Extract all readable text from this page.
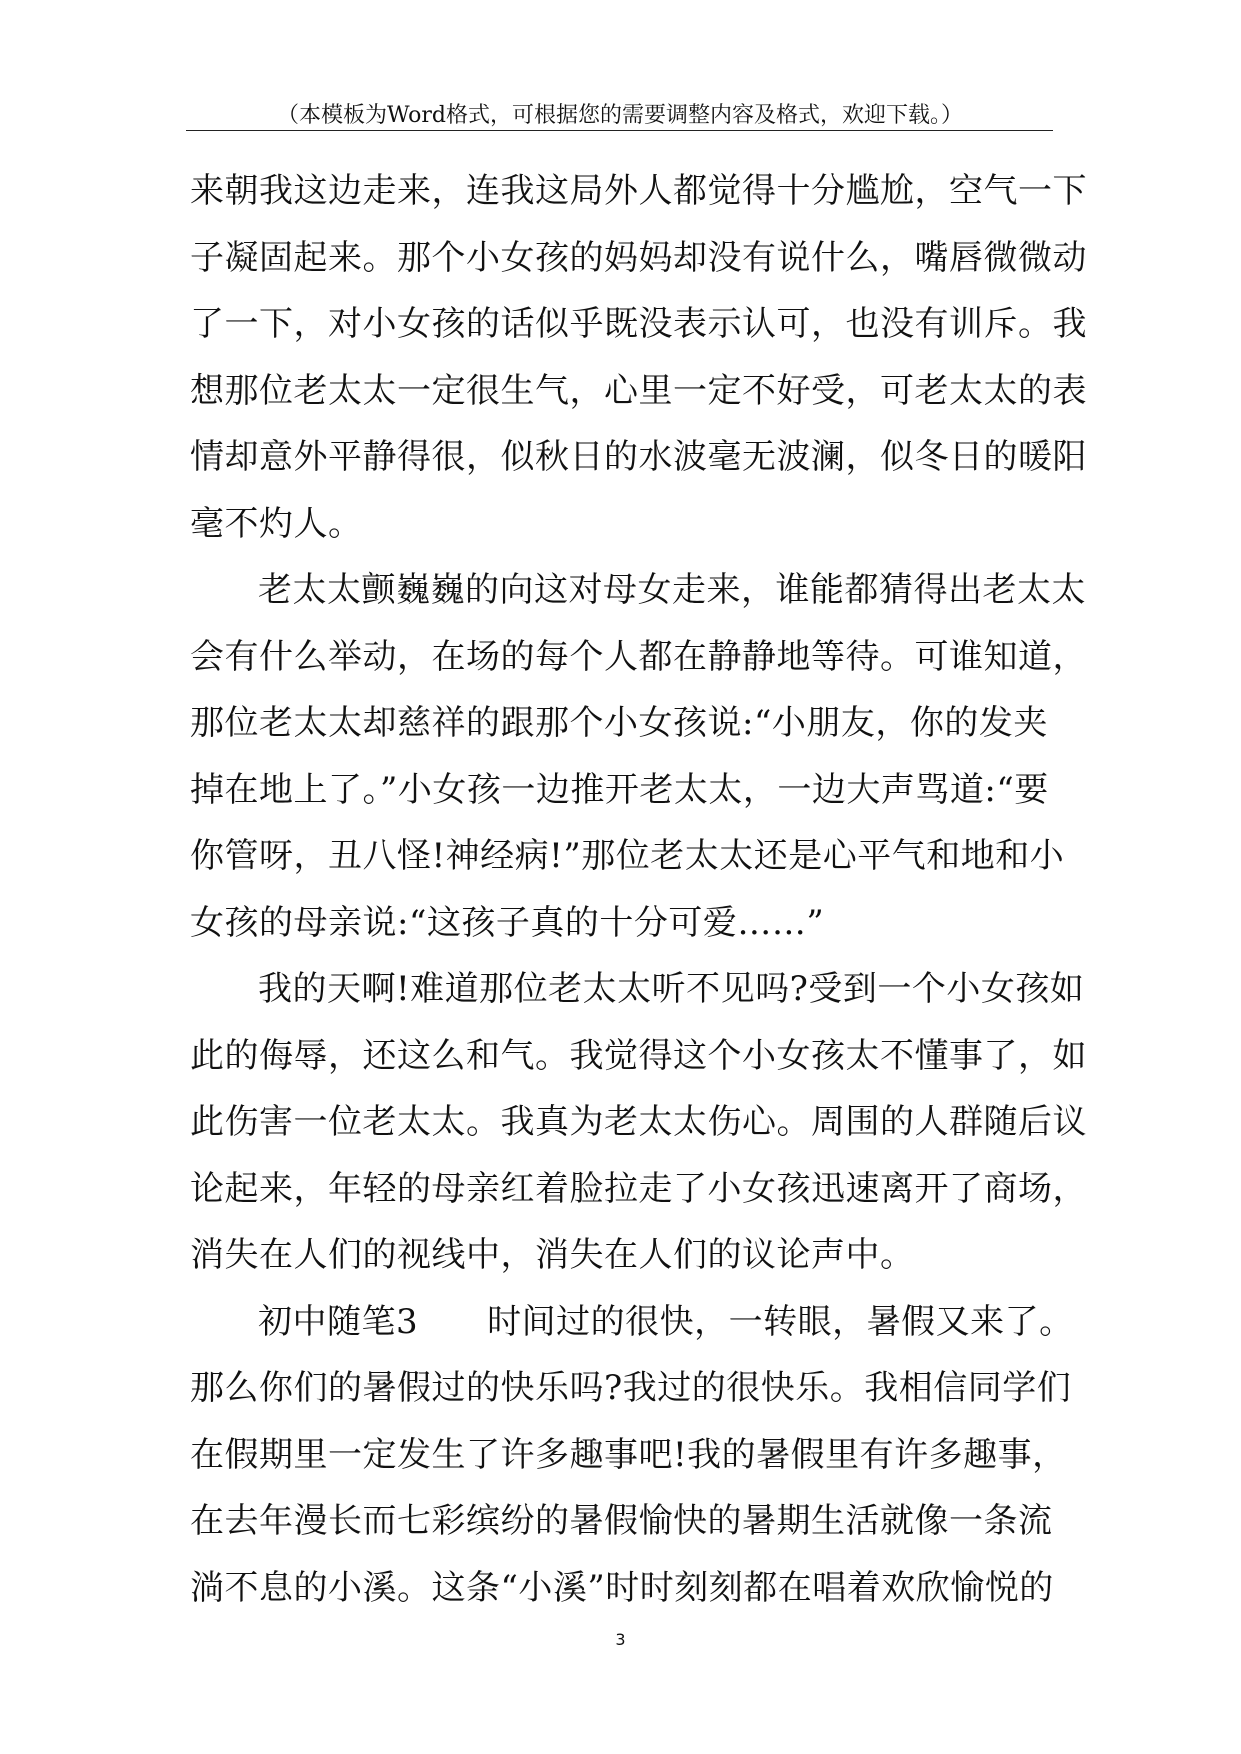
（本模板为Word格式，可根据您的需要调整内容及格式，欢迎下载。）
来朝我这边走来，连我这局外人都觉得十分尴尬，空气一下
子凝固起来。那个小女孩的妈妈却没有说什么，嘴唇微微动
了一下，对小女孩的话似乎既没表示认可，也没有训斥。我
想那位老太太一定很生气，心里一定不好受，可老太太的表
情却意外平静得很，似秋日的水波毫无波澜，似冬日的暖阳
毫不灼人。
老太太颤巍巍的向这对母女走来，谁能都猜得出老太太
会有什么举动，在场的每个人都在静静地等待。可谁知道，
那位老太太却慈祥的跟那个小女孩说:“小朋友，你的发夹
掉在地上了。”小女孩一边推开老太太，一边大声骂道:“要
你管呀，丑八怪!神经病!”那位老太太还是心平气和地和小
女孩的母亲说:“这孩子真的十分可爱……”
我的天啊!难道那位老太太听不见吗?受到一个小女孩如
此的侮辱，还这么和气。我觉得这个小女孩太不懂事了，如
此伤害一位老太太。我真为老太太伤心。周围的人群随后议
论起来，年轻的母亲红着脸拉走了小女孩迅速离开了商场，
消失在人们的视线中，消失在人们的议论声中。
初中随笔3　　时间过的很快，一转眼，暑假又来了。
那么你们的暑假过的快乐吗?我过的很快乐。我相信同学们
在假期里一定发生了许多趣事吧!我的暑假里有许多趣事，
在去年漫长而七彩缤纷的暑假愉快的暑期生活就像一条流
淌不息的小溪。这条“小溪”时时刻刻都在唱着欢欣愉悦的
3
